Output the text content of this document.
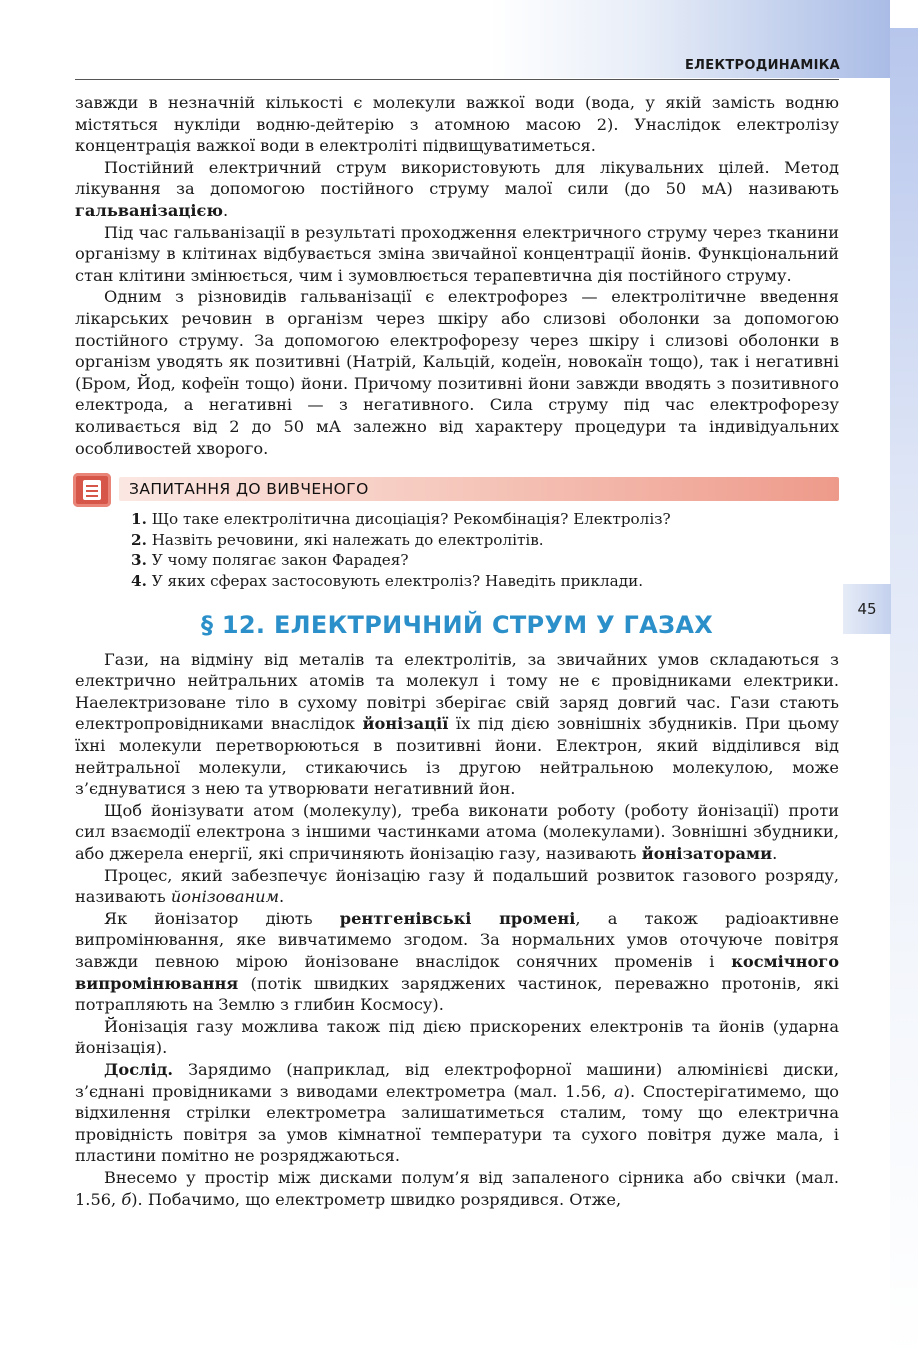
ЕЛЕКТРОДИНАМІКА
45

завжди в незначній кількості є молекули важкої води (вода, у якій замість водню містяться нукліди водню-дейтерію з атомною масою 2). Унаслідок електролізу концентрація важкої води в електроліті підвищуватиметься.

Постійний електричний струм використовують для лікувальних цілей. Метод лікування за допомогою постійного струму малої сили (до 50 мА) називають гальванізацією.

Під час гальванізації в результаті проходження електричного струму через тканини організму в клітинах відбувається зміна звичайної концентрації йонів. Функціональний стан клітини змінюється, чим і зумовлюється терапевтична дія постійного струму.

Одним з різновидів гальванізації є електрофорез — електролітичне введення лікарських речовин в організм через шкіру або слизові оболонки за допомогою постійного струму. За допомогою електрофорезу через шкіру і слизові оболонки в організм уводять як позитивні (Натрій, Кальцій, кодеїн, новокаїн тощо), так і негативні (Бром, Йод, кофеїн тощо) йони. Причому позитивні йони завжди вводять з позитивного електрода, а негативні — з негативного. Сила струму під час електрофорезу коливається від 2 до 50 мА залежно від характеру процедури та індивідуальних особливостей хворого.

ЗАПИТАННЯ ДО ВИВЧЕНОГО
1. Що таке електролітична дисоціація? Рекомбінація? Електроліз?
2. Назвіть речовини, які належать до електролітів.
3. У чому полягає закон Фарадея?
4. У яких сферах застосовують електроліз? Наведіть приклади.
§ 12. ЕЛЕКТРИЧНИЙ СТРУМ У ГАЗАХ

Гази, на відміну від металів та електролітів, за звичайних умов складаються з електрично нейтральних атомів та молекул і тому не є провідниками електрики. Наелектризоване тіло в сухому повітрі зберігає свій заряд довгий час. Гази стають електропровідниками внаслідок йонізації їх під дією зовнішніх збудників. При цьому їхні молекули перетворюються в позитивні йони. Електрон, який відділився від нейтральної молекули, стикаючись із другою нейтральною молекулою, може з’єднуватися з нею та утворювати негативний йон.

Щоб йонізувати атом (молекулу), треба виконати роботу (роботу йонізації) проти сил взаємодії електрона з іншими частинками атома (молекулами). Зовнішні збудники, або джерела енергії, які спричиняють йонізацію газу, називають йонізаторами.

Процес, який забезпечує йонізацію газу й подальший розвиток газового розряду, називають йонізованим.

Як йонізатор діють рентгенівські промені, а також радіоактивне випромінювання, яке вивчатимемо згодом. За нормальних умов оточуюче повітря завжди певною мірою йонізоване внаслідок сонячних променів і космічного випромінювання (потік швидких заряджених частинок, переважно протонів, які потрапляють на Землю з глибин Космосу).

Йонізація газу можлива також під дією прискорених електронів та йонів (ударна йонізація).

Дослід. Зарядимо (наприклад, від електрофорної машини) алюмінієві диски, з’єднані провідниками з виводами електрометра (мал. 1.56, а). Спостерігатимемо, що відхилення стрілки електрометра залишатиметься сталим, тому що електрична провідність повітря за умов кімнатної температури та сухого повітря дуже мала, і пластини помітно не розряджаються.

Внесемо у простір між дисками полум’я від запаленого сірника або свічки (мал. 1.56, б). Побачимо, що електрометр швидко розрядився. Отже,
